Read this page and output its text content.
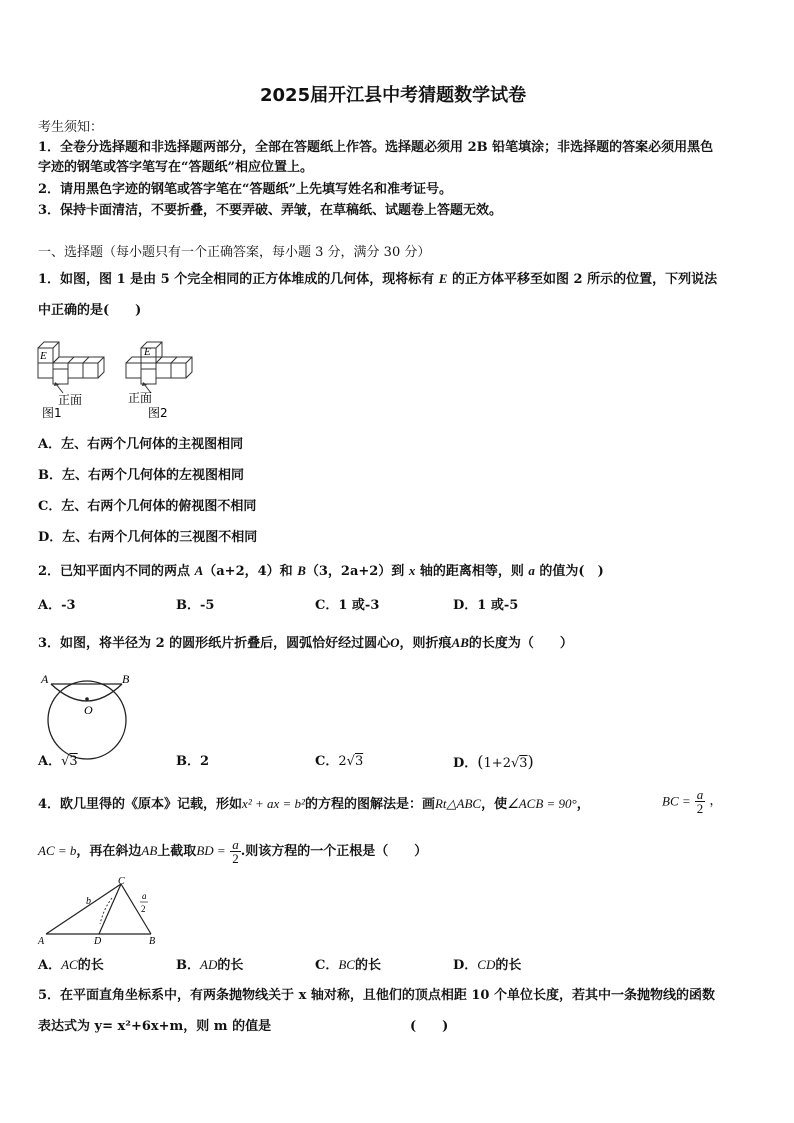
2025届开江县中考猜题数学试卷
考生须知：
1．全卷分选择题和非选择题两部分，全部在答题纸上作答。选择题必须用 2B 铅笔填涂；非选择题的答案必须用黑色
字迹的钢笔或答字笔写在“答题纸”相应位置上。
2．请用黑色字迹的钢笔或答字笔在“答题纸”上先填写姓名和准考证号。
3．保持卡面清洁，不要折叠，不要弄破、弄皱，在草稿纸、试题卷上答题无效。
一、选择题（每小题只有一个正确答案，每小题 3 分，满分 30 分）
1．如图，图 1 是由 5 个完全相同的正方体堆成的几何体，现将标有 E 的正方体平移至如图 2 所示的位置，下列说法
中正确的是(　　)
E	E
正面	正面
图1	图2
A．左、右两个几何体的主视图相同
B．左、右两个几何体的左视图相同
C．左、右两个几何体的俯视图不相同
D．左、右两个几何体的三视图不相同
2．已知平面内不同的两点 A（a+2，4）和 B（3，2a+2）到 x 轴的距离相等，则 a 的值为(　)
A．-3	B．-5	C．1 或-3	D．1 或-5
3．如图，将半径为 2 的圆形纸片折叠后，圆弧恰好经过圆心O，则折痕AB的长度为（　　）
A	B
O
A．√3	B．2	C．2√3	D．(1+2√3)
4．欧几里得的《原本》记载，形如x² + ax = b²的方程的图解法是：画Rt△ABC，使∠ACB = 90°，	BC = $\frac{a}{2}$ ，
AC = b，再在斜边AB上截取BD = $\frac{a}{2}$ .则该方程的一个正根是（　　）
C
b	a
2
A	D	B
A．AC的长	B．AD的长	C．BC的长	D．CD的长
5．在平面直角坐标系中，有两条抛物线关于 x 轴对称，且他们的顶点相距 10 个单位长度，若其中一条抛物线的函数
表达式为 y= x²+6x+m，则 m 的值是	(　　)
